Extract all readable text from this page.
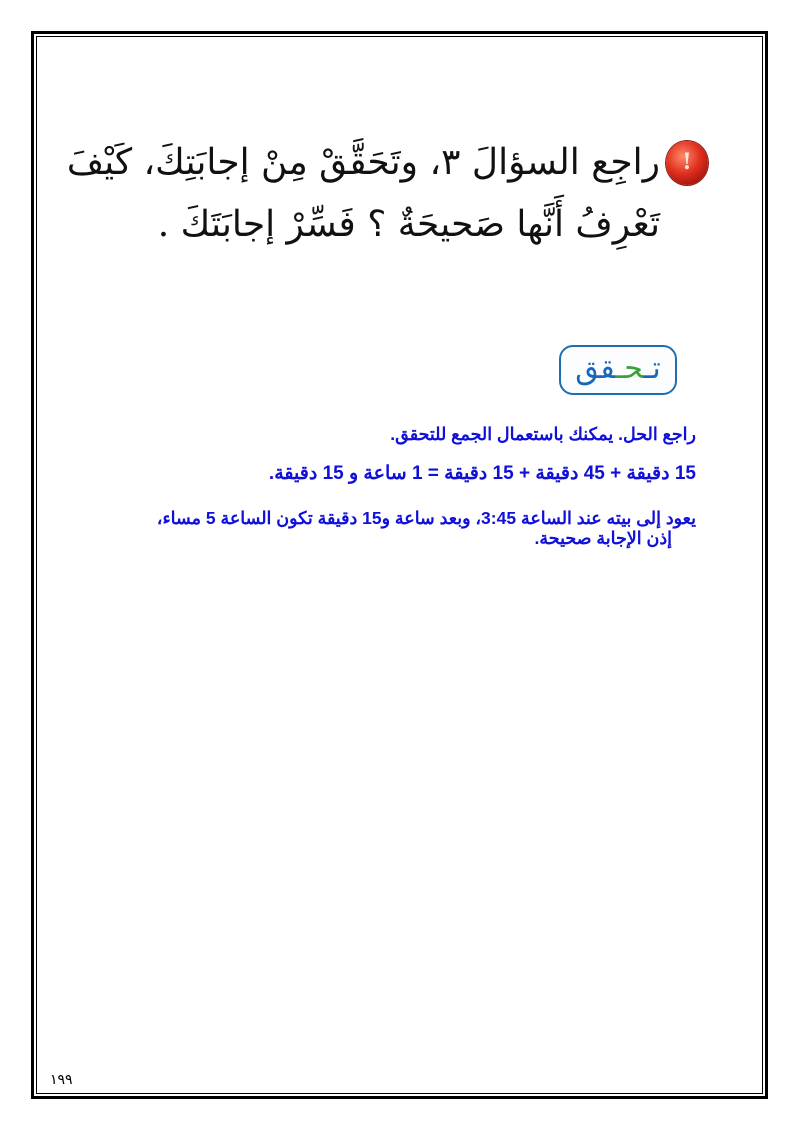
!
راجِع السؤالَ ٣، وتَحَقَّقْ مِنْ إجابَتِكَ، كَيْفَ
تَعْرِفُ أَنَّها صَحيحَةٌ ؟ فَسِّرْ إجابَتَكَ .
تـحـقق
راجع الحل. يمكنك باستعمال الجمع للتحقق.
15 دقيقة + 45 دقيقة + 15 دقيقة = 1 ساعة و 15 دقيقة.
يعود إلى بيته عند الساعة 3:45، وبعد ساعة و15 دقيقة تكون الساعة 5 مساء،
إذن الإجابة صحيحة.
١٩٩
